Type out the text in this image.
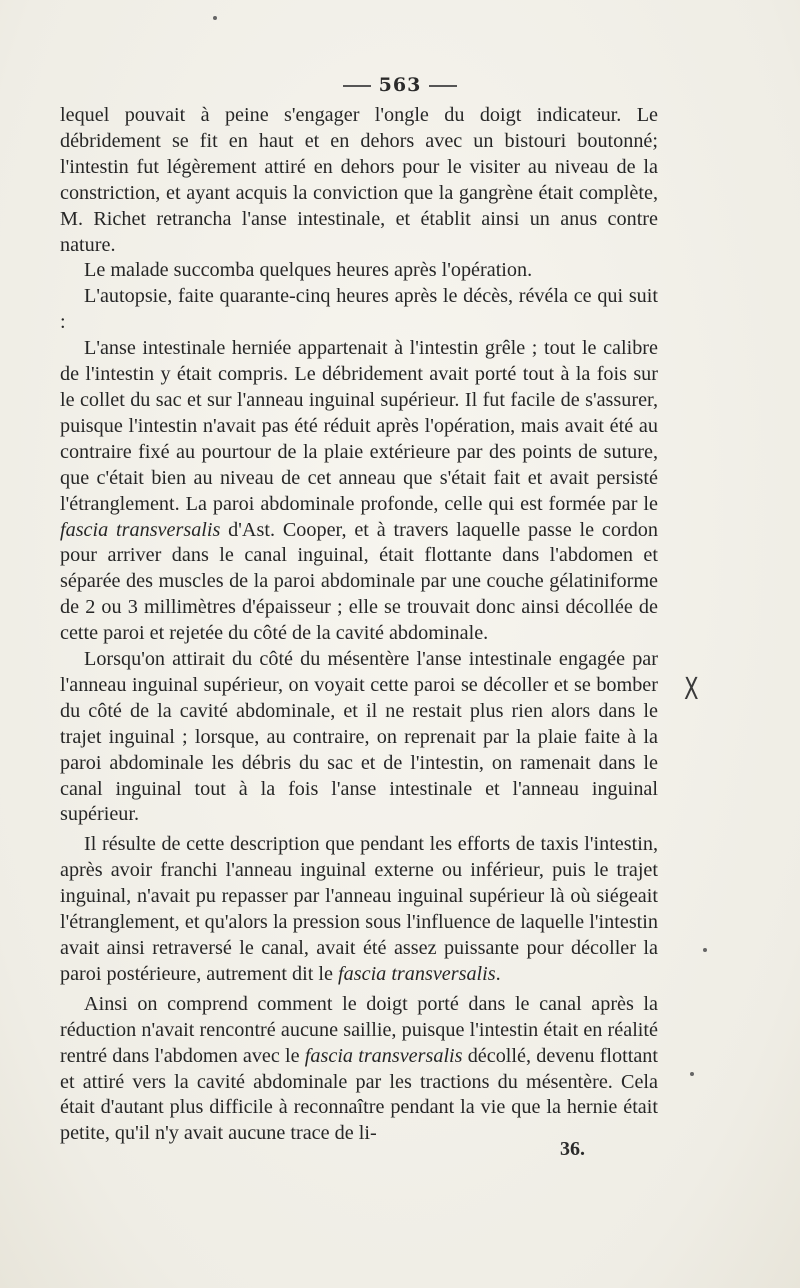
563

lequel pouvait à peine s'engager l'ongle du doigt indicateur. Le débridement se fit en haut et en dehors avec un bistouri boutonné; l'intestin fut légèrement attiré en dehors pour le visiter au niveau de la constriction, et ayant acquis la conviction que la gangrène était complète, M. Richet retrancha l'anse intestinale, et établit ainsi un anus contre nature.

Le malade succomba quelques heures après l'opération.

L'autopsie, faite quarante-cinq heures après le décès, révéla ce qui suit :

L'anse intestinale herniée appartenait à l'intestin grêle ; tout le calibre de l'intestin y était compris. Le débridement avait porté tout à la fois sur le collet du sac et sur l'anneau inguinal supérieur. Il fut facile de s'assurer, puisque l'intestin n'avait pas été réduit après l'opération, mais avait été au contraire fixé au pourtour de la plaie extérieure par des points de suture, que c'était bien au niveau de cet anneau que s'était fait et avait persisté l'étranglement. La paroi abdominale profonde, celle qui est formée par le fascia transversalis d'Ast. Cooper, et à travers laquelle passe le cordon pour arriver dans le canal inguinal, était flottante dans l'abdomen et séparée des muscles de la paroi abdominale par une couche gélatiniforme de 2 ou 3 millimètres d'épaisseur ; elle se trouvait donc ainsi décollée de cette paroi et rejetée du côté de la cavité abdominale.

Lorsqu'on attirait du côté du mésentère l'anse intestinale engagée par l'anneau inguinal supérieur, on voyait cette paroi se décoller et se bomber du côté de la cavité abdominale, et il ne restait plus rien alors dans le trajet inguinal ; lorsque, au contraire, on reprenait par la plaie faite à la paroi abdominale les débris du sac et de l'intestin, on ramenait dans le canal inguinal tout à la fois l'anse intestinale et l'anneau inguinal supérieur.

Il résulte de cette description que pendant les efforts de taxis l'intestin, après avoir franchi l'anneau inguinal externe ou inférieur, puis le trajet inguinal, n'avait pu repasser par l'anneau inguinal supérieur là où siégeait l'étranglement, et qu'alors la pression sous l'influence de laquelle l'intestin avait ainsi retraversé le canal, avait été assez puissante pour décoller la paroi postérieure, autrement dit le fascia transversalis.

Ainsi on comprend comment le doigt porté dans le canal après la réduction n'avait rencontré aucune saillie, puisque l'intestin était en réalité rentré dans l'abdomen avec le fascia transversalis décollé, devenu flottant et attiré vers la cavité abdominale par les tractions du mésentère. Cela était d'autant plus difficile à reconnaître pendant la vie que la hernie était petite, qu'il n'y avait aucune trace de li-

X
36.
